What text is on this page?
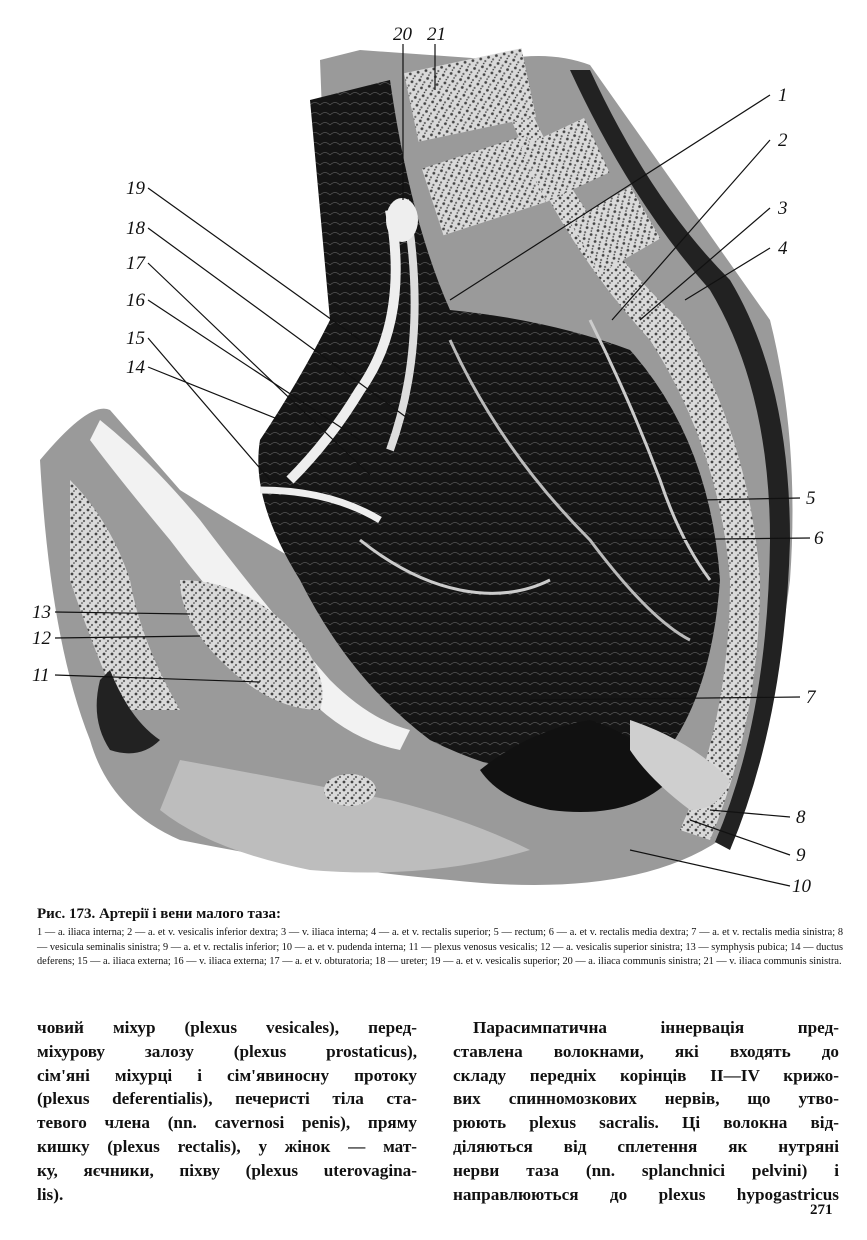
1
2
3
4
5
6
7
8
9
10
11
12
13
14
15
16
17
18
19
20 21
Рис. 173. Артерії і вени малого таза:
1 — a. iliaca interna; 2 — a. et v. vesicalis inferior dextra; 3 — v. iliaca interna; 4 — a. et v. rectalis superior; 5 — rectum; 6 — a. et v. rectalis media dextra; 7 — a. et v. rectalis media sinistra; 8 — vesicula seminalis sinistra; 9 — a. et v. rectalis inferior; 10 — a. et v. pudenda interna; 11 — plexus venosus vesicalis; 12 — a. vesicalis superior sinistra; 13 — symphysis pubica; 14 — ductus deferens; 15 — a. iliaca externa; 16 — v. iliaca externa; 17 — a. et v. obturatoria; 18 — ureter; 19 — a. et v. vesicalis superior; 20 — a. iliaca communis sinistra; 21 — v. iliaca communis sinistra.
човий міхур (plexus vesicales), перед-
міхурову залозу (plexus prostaticus),
сім'яні міхурці і сім'явиносну протоку
(plexus deferentialis), печеристі тіла ста-
тевого члена (nn. cavernosi penis), пряму
кишку (plexus rectalis), у жінок — мат-
ку, яєчники, піхву (plexus uterovagina-
lis).
Парасимпатична іннервація пред-
ставлена волокнами, які входять до
складу передніх корінців II—IV крижо-
вих спинномозкових нервів, що утво-
рюють plexus sacralis. Ці волокна від-
діляються від сплетення як нутряні
нерви таза (nn. splanchnici pelvini) і
направлюються до plexus hypogastricus
271
